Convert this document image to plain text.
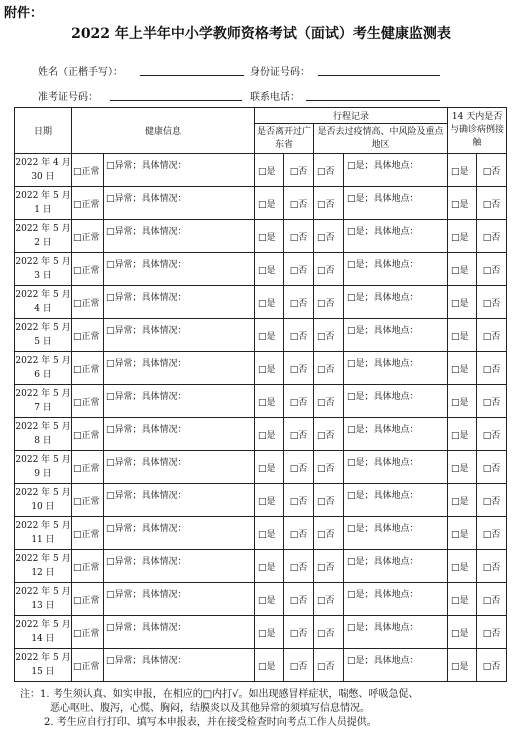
附件：
2022 年上半年中小学教师资格考试（面试）考生健康监测表
姓名（正楷手写）：	身份证号码：
准考证号码：	联系电话：
日期	健康信息		行程记录				14 天内是否与确诊病例接触	
			是否离开过广东省		是否去过疫情高、中风险及重点地区			
2022 年 4 月 30 日	□正常	□异常；具体情况：	□是	□否	□否	□是；具体地点：	□是	□否
2022 年 5 月 1 日	□正常	□异常；具体情况：	□是	□否	□否	□是；具体地点：	□是	□否
2022 年 5 月 2 日	□正常	□异常；具体情况：	□是	□否	□否	□是；具体地点：	□是	□否
2022 年 5 月 3 日	□正常	□异常；具体情况：	□是	□否	□否	□是；具体地点：	□是	□否
2022 年 5 月 4 日	□正常	□异常；具体情况：	□是	□否	□否	□是；具体地点：	□是	□否
2022 年 5 月 5 日	□正常	□异常；具体情况：	□是	□否	□否	□是；具体地点：	□是	□否
2022 年 5 月 6 日	□正常	□异常；具体情况：	□是	□否	□否	□是；具体地点：	□是	□否
2022 年 5 月 7 日	□正常	□异常；具体情况：	□是	□否	□否	□是；具体地点：	□是	□否
2022 年 5 月 8 日	□正常	□异常；具体情况：	□是	□否	□否	□是；具体地点：	□是	□否
2022 年 5 月 9 日	□正常	□异常；具体情况：	□是	□否	□否	□是；具体地点：	□是	□否
2022 年 5 月 10 日	□正常	□异常；具体情况：	□是	□否	□否	□是；具体地点：	□是	□否
2022 年 5 月 11 日	□正常	□异常；具体情况：	□是	□否	□否	□是；具体地点：	□是	□否
2022 年 5 月 12 日	□正常	□异常；具体情况：	□是	□否	□否	□是；具体地点：	□是	□否
2022 年 5 月 13 日	□正常	□异常；具体情况：	□是	□否	□否	□是；具体地点：	□是	□否
2022 年 5 月 14 日	□正常	□异常；具体情况：	□是	□否	□否	□是；具体地点：	□是	□否
2022 年 5 月 15 日	□正常	□异常；具体情况：	□是	□否	□否	□是；具体地点：	□是	□否
注：1. 考生须认真、如实申报，在相应的□内打√。如出现感冒样症状，喘憋、呼吸急促、
恶心呕吐、腹泻，心慌、胸闷，结膜炎以及其他异常的须填写信息情况。
2. 考生应自行打印、填写本申报表，并在接受检查时向考点工作人员提供。
